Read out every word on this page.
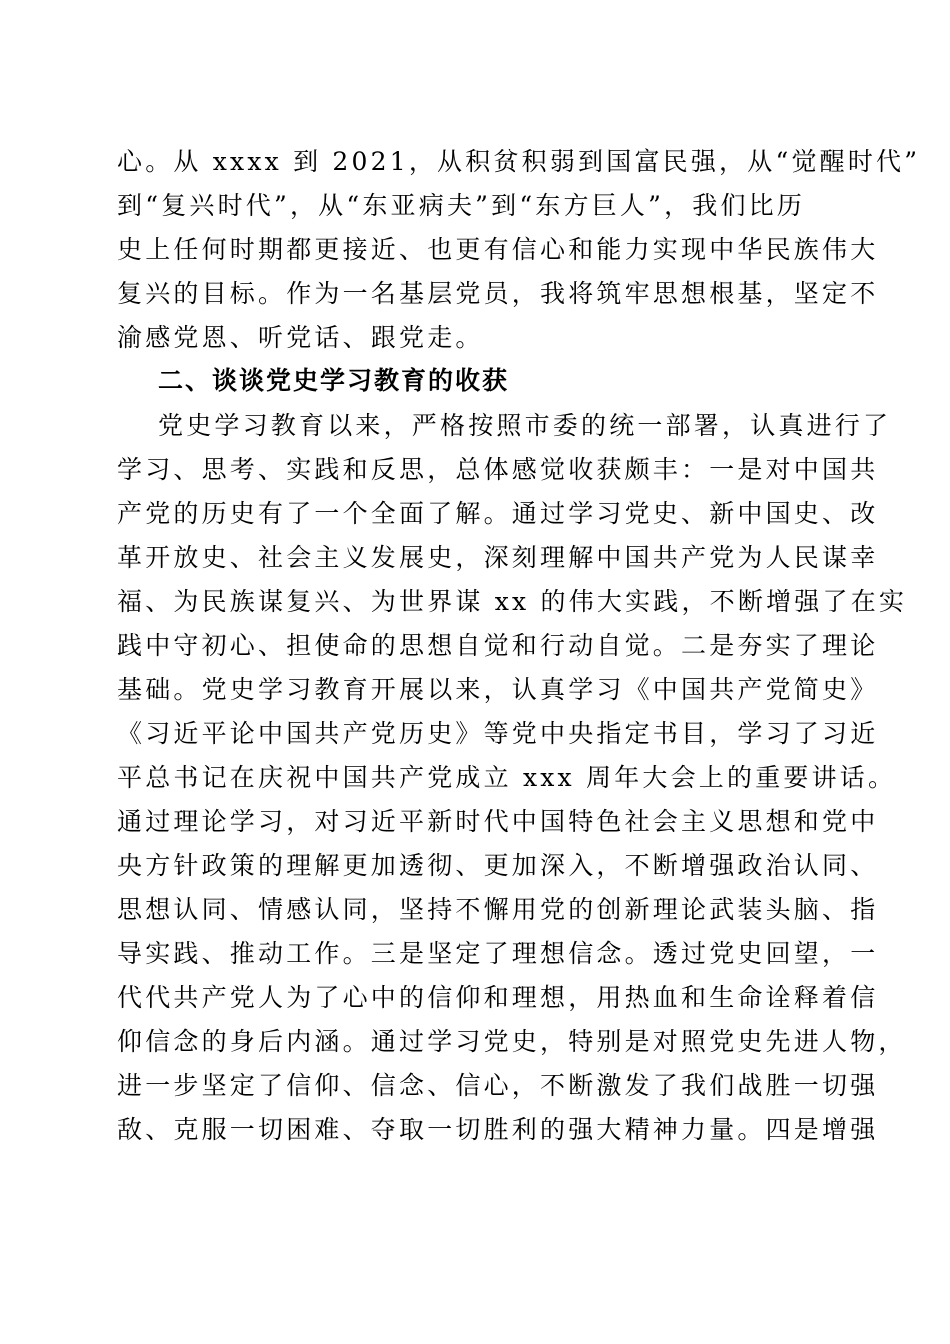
心。从 xxxx 到 2021，从积贫积弱到国富民强，从“觉醒时代”
到“复兴时代”，从“东亚病夫”到“东方巨人”，我们比历
史上任何时期都更接近、也更有信心和能力实现中华民族伟大
复兴的目标。作为一名基层党员，我将筑牢思想根基，坚定不
渝感党恩、听党话、跟党走。
二、谈谈党史学习教育的收获
党史学习教育以来，严格按照市委的统一部署，认真进行了
学习、思考、实践和反思，总体感觉收获颇丰：一是对中国共
产党的历史有了一个全面了解。通过学习党史、新中国史、改
革开放史、社会主义发展史，深刻理解中国共产党为人民谋幸
福、为民族谋复兴、为世界谋 xx 的伟大实践，不断增强了在实
践中守初心、担使命的思想自觉和行动自觉。二是夯实了理论
基础。党史学习教育开展以来，认真学习《中国共产党简史》
《习近平论中国共产党历史》等党中央指定书目，学习了习近
平总书记在庆祝中国共产党成立 xxx 周年大会上的重要讲话。
通过理论学习，对习近平新时代中国特色社会主义思想和党中
央方针政策的理解更加透彻、更加深入，不断增强政治认同、
思想认同、情感认同，坚持不懈用党的创新理论武装头脑、指
导实践、推动工作。三是坚定了理想信念。透过党史回望，一
代代共产党人为了心中的信仰和理想，用热血和生命诠释着信
仰信念的身后内涵。通过学习党史，特别是对照党史先进人物，
进一步坚定了信仰、信念、信心，不断激发了我们战胜一切强
敌、克服一切困难、夺取一切胜利的强大精神力量。四是增强
